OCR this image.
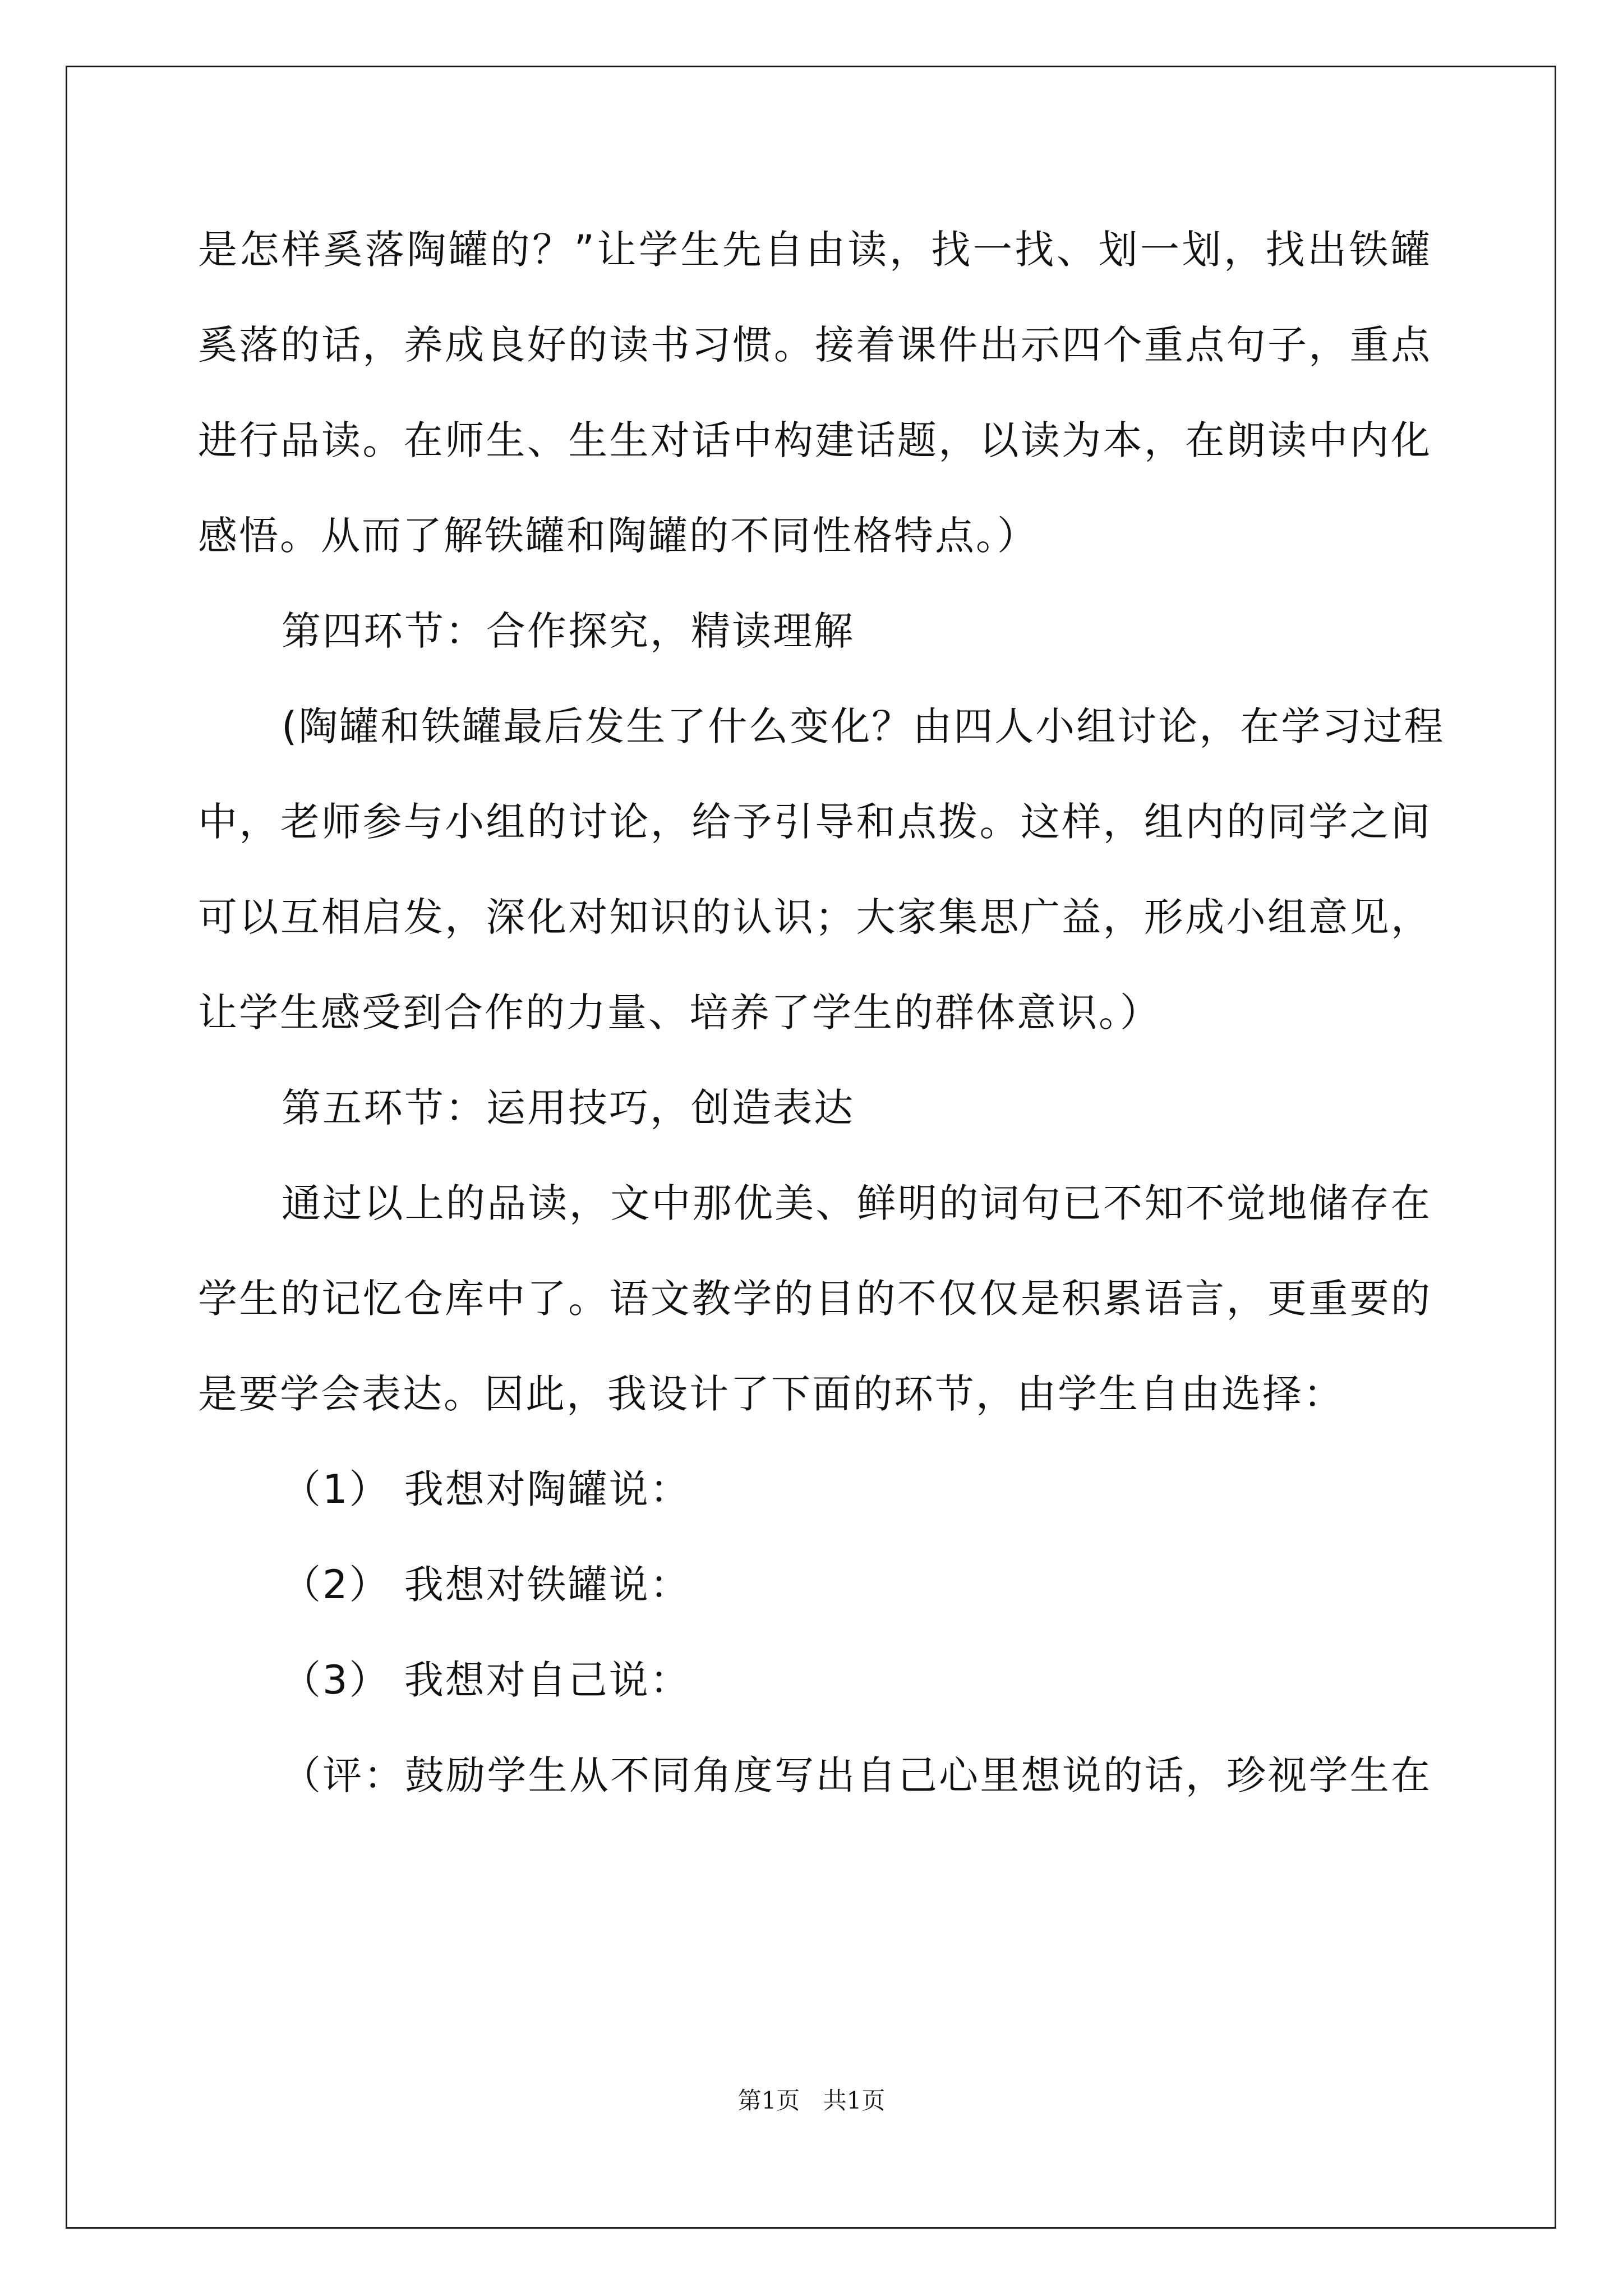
是怎样奚落陶罐的？”让学生先自由读，找一找、划一划，找出铁罐
奚落的话，养成良好的读书习惯。接着课件出示四个重点句子，重点
进行品读。在师生、生生对话中构建话题，以读为本，在朗读中内化
感悟。从而了解铁罐和陶罐的不同性格特点。）
第四环节：合作探究，精读理解
(陶罐和铁罐最后发生了什么变化？由四人小组讨论，在学习过程
中，老师参与小组的讨论，给予引导和点拨。这样，组内的同学之间
可以互相启发，深化对知识的认识；大家集思广益，形成小组意见，
让学生感受到合作的力量、培养了学生的群体意识。）
第五环节：运用技巧，创造表达
通过以上的品读，文中那优美、鲜明的词句已不知不觉地储存在
学生的记忆仓库中了。语文教学的目的不仅仅是积累语言，更重要的
是要学会表达。因此，我设计了下面的环节，由学生自由选择：
（1） 我想对陶罐说：
（2） 我想对铁罐说：
（3） 我想对自己说：
（评：鼓励学生从不同角度写出自己心里想说的话，珍视学生在
第1页 共1页
